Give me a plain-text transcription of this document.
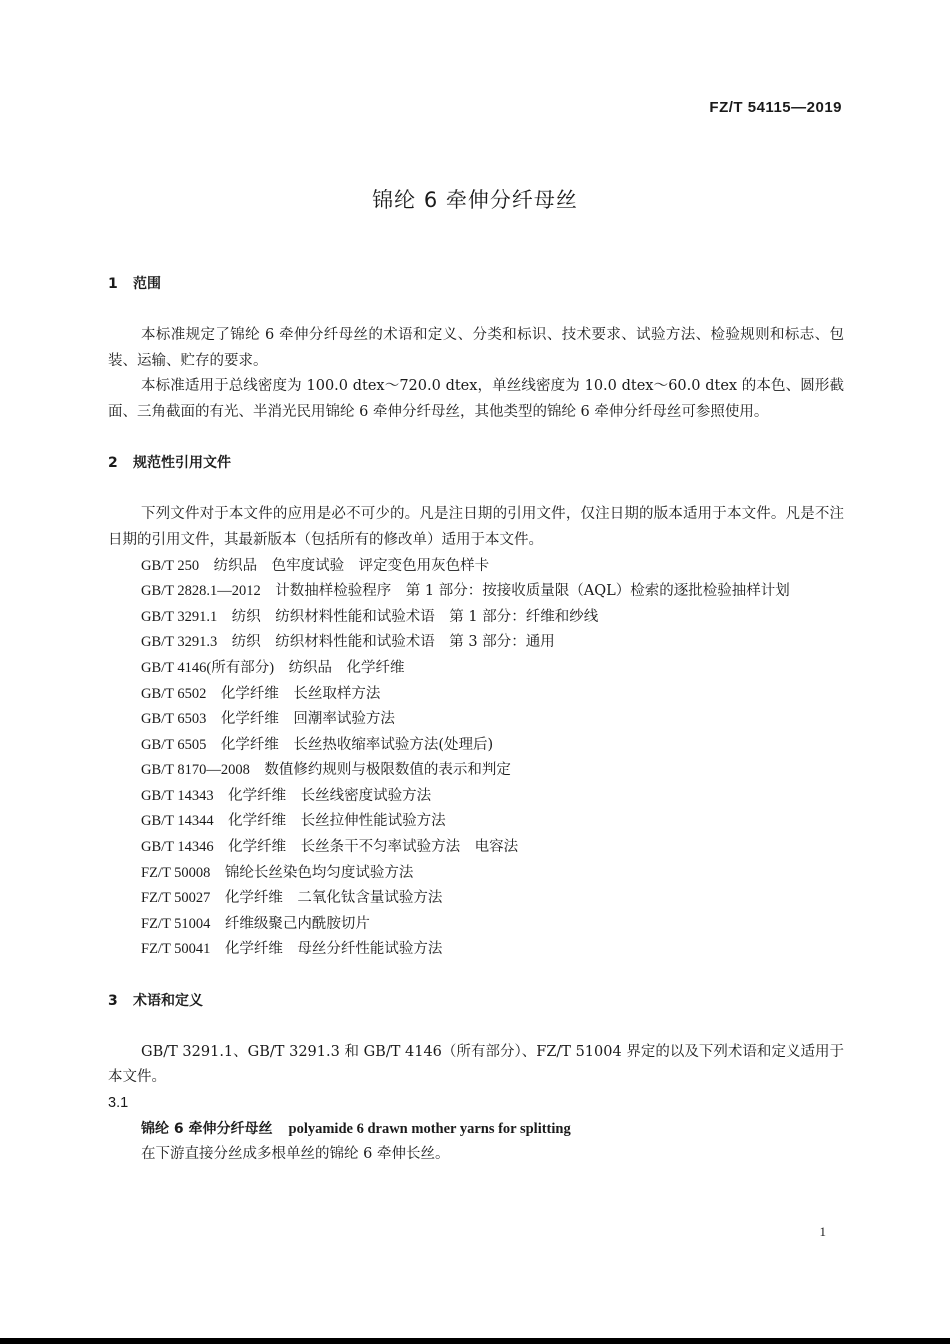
FZ/T 54115—2019
锦纶 6 牵伸分纤母丝
1 范围

本标准规定了锦纶 6 牵伸分纤母丝的术语和定义、分类和标识、技术要求、试验方法、检验规则和标志、包装、运输、贮存的要求。

本标准适用于总线密度为 100.0 dtex～720.0 dtex，单丝线密度为 10.0 dtex～60.0 dtex 的本色、圆形截面、三角截面的有光、半消光民用锦纶 6 牵伸分纤母丝，其他类型的锦纶 6 牵伸分纤母丝可参照使用。

2 规范性引用文件

下列文件对于本文件的应用是必不可少的。凡是注日期的引用文件，仅注日期的版本适用于本文件。凡是不注日期的引用文件，其最新版本（包括所有的修改单）适用于本文件。

GB/T 250　 纺织品　色牢度试验　评定变色用灰色样卡
GB/T 2828.1—2012　 计数抽样检验程序　第 1 部分：按接收质量限（AQL）检索的逐批检验抽样计划
GB/T 3291.1　 纺织　纺织材料性能和试验术语　第 1 部分：纤维和纱线
GB/T 3291.3　 纺织　纺织材料性能和试验术语　第 3 部分：通用
GB/T 4146(所有部分)　 纺织品　化学纤维
GB/T 6502　 化学纤维　长丝取样方法
GB/T 6503　 化学纤维　回潮率试验方法
GB/T 6505　 化学纤维　长丝热收缩率试验方法(处理后)
GB/T 8170—2008　 数值修约规则与极限数值的表示和判定
GB/T 14343　 化学纤维　长丝线密度试验方法
GB/T 14344　 化学纤维　长丝拉伸性能试验方法
GB/T 14346　 化学纤维　长丝条干不匀率试验方法　电容法
FZ/T 50008　 锦纶长丝染色均匀度试验方法
FZ/T 50027　 化学纤维　二氧化钛含量试验方法
FZ/T 51004　 纤维级聚己内酰胺切片
FZ/T 50041　 化学纤维　母丝分纤性能试验方法
3 术语和定义

GB/T 3291.1、GB/T 3291.3 和 GB/T 4146（所有部分）、FZ/T 51004 界定的以及下列术语和定义适用于本文件。

3.1
锦纶 6 牵伸分纤母丝 polyamide 6 drawn mother yarns for splitting
在下游直接分丝成多根单丝的锦纶 6 牵伸长丝。
1
